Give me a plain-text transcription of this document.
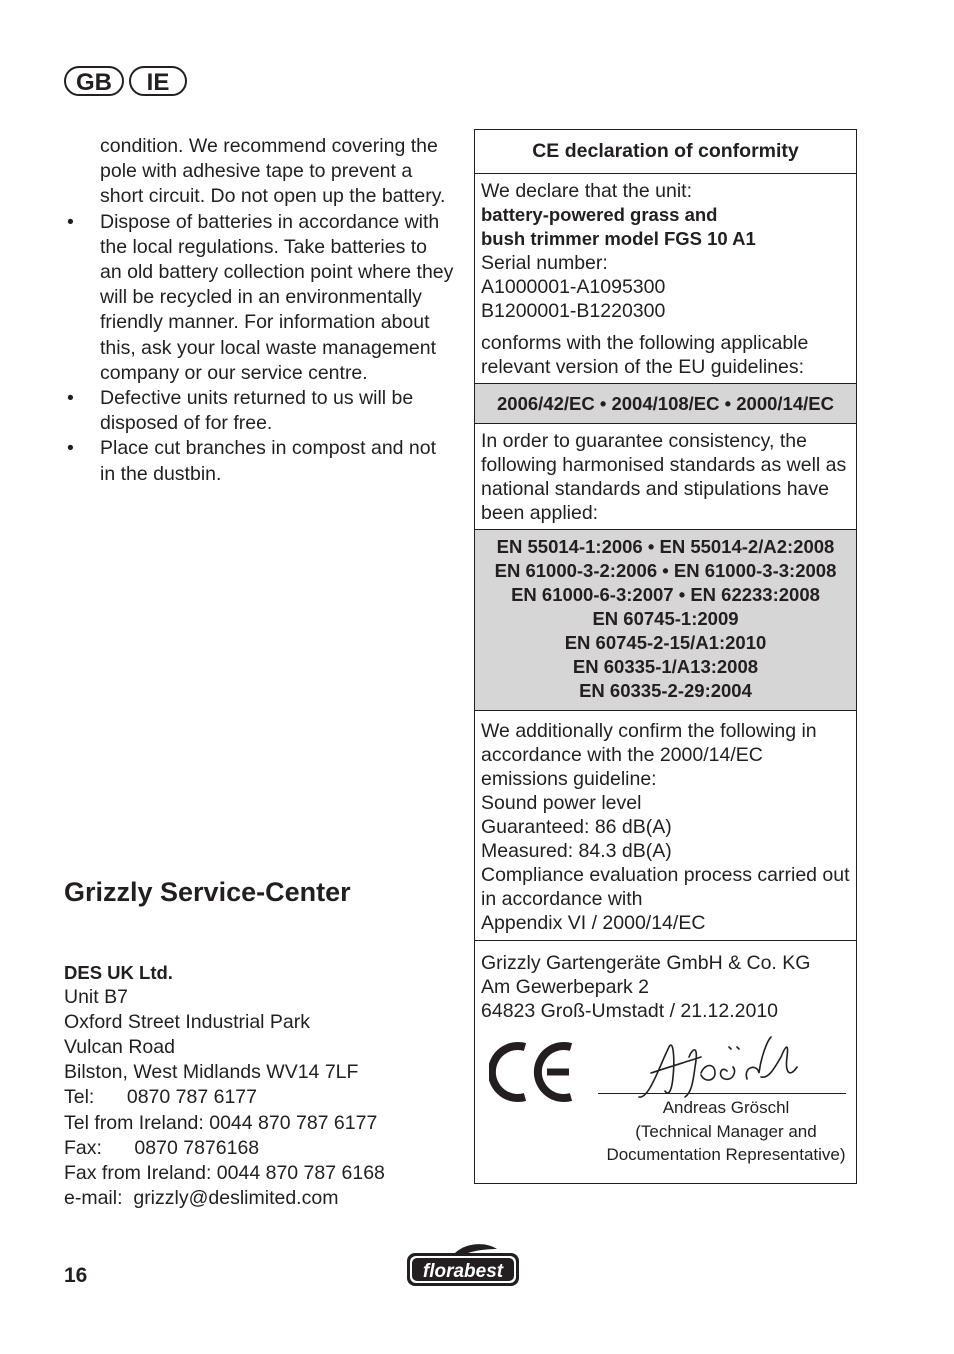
GB	IE
condition. We recommend covering the pole with adhesive tape to prevent a short circuit. Do not open up the battery.
• Dispose of batteries in accordance with the local regulations. Take batteries to an old battery collection point where they will be recycled in an environmentally friendly manner. For information about this, ask your local waste management company or our service centre.
• Defective units returned to us will be disposed of for free.
• Place cut branches in compost and not in the dustbin.
Grizzly Service-Center
DES UK Ltd.
Unit B7
Oxford Street Industrial Park
Vulcan Road
Bilston, West Midlands WV14 7LF
Tel:      0870 787 6177
Tel from Ireland: 0044 870 787 6177
Fax:      0870 7876168
Fax from Ireland: 0044 870 787 6168
e-mail:  grizzly@deslimited.com
CE declaration of conformity
We declare that the unit:
battery-powered grass and
bush trimmer model FGS 10 A1
Serial number:
A1000001-A1095300
B1200001-B1220300
conforms with the following applicable relevant version of the EU guidelines:
2006/42/EC • 2004/108/EC • 2000/14/EC
In order to guarantee consistency, the following harmonised standards as well as national standards and stipulations have been applied:
EN 55014-1:2006 • EN 55014-2/A2:2008
EN 61000-3-2:2006 • EN 61000-3-3:2008
EN 61000-6-3:2007 • EN 62233:2008
EN 60745-1:2009
EN 60745-2-15/A1:2010
EN 60335-1/A13:2008
EN 60335-2-29:2004
We additionally confirm the following in accordance with the 2000/14/EC emissions guideline:
Sound power level
Guaranteed: 86 dB(A)
Measured: 84.3 dB(A)
Compliance evaluation process carried out in accordance with
Appendix VI / 2000/14/EC
Grizzly Gartengeräte GmbH & Co. KG
Am Gewerbepark 2
64823 Groß-Umstadt / 21.12.2010
Andreas Gröschl
(Technical Manager and
Documentation Representative)
16	florabest
